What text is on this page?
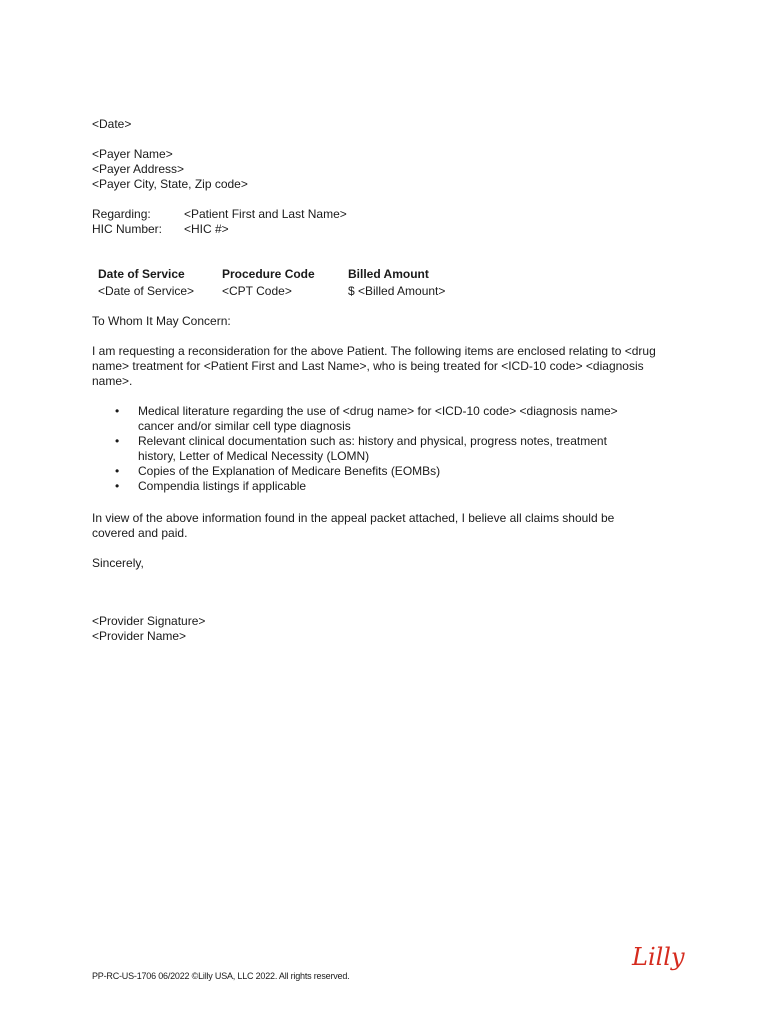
<Date>
<Payer Name>
<Payer Address>
<Payer City, State, Zip code>
Regarding:	<Patient First and Last Name>
HIC Number: <HIC #>
Date of Service	Procedure Code	Billed Amount
<Date of Service> <CPT Code>	$ <Billed Amount>
To Whom It May Concern:
I am requesting a reconsideration for the above Patient. The following items are enclosed relating to <drug
name> treatment for <Patient First and Last Name>, who is being treated for <ICD-10 code> <diagnosis
name>.
• Medical literature regarding the use of <drug name> for <ICD-10 code> <diagnosis name>
cancer and/or similar cell type diagnosis
• Relevant clinical documentation such as: history and physical, progress notes, treatment
history, Letter of Medical Necessity (LOMN)
• Copies of the Explanation of Medicare Benefits (EOMBs)
• Compendia listings if applicable
In view of the above information found in the appeal packet attached, I believe all claims should be
covered and paid.
Sincerely,
<Provider Signature>
<Provider Name>
PP-RC-US-1706 06/2022 ©Lilly USA, LLC 2022. All rights reserved.
Lilly
